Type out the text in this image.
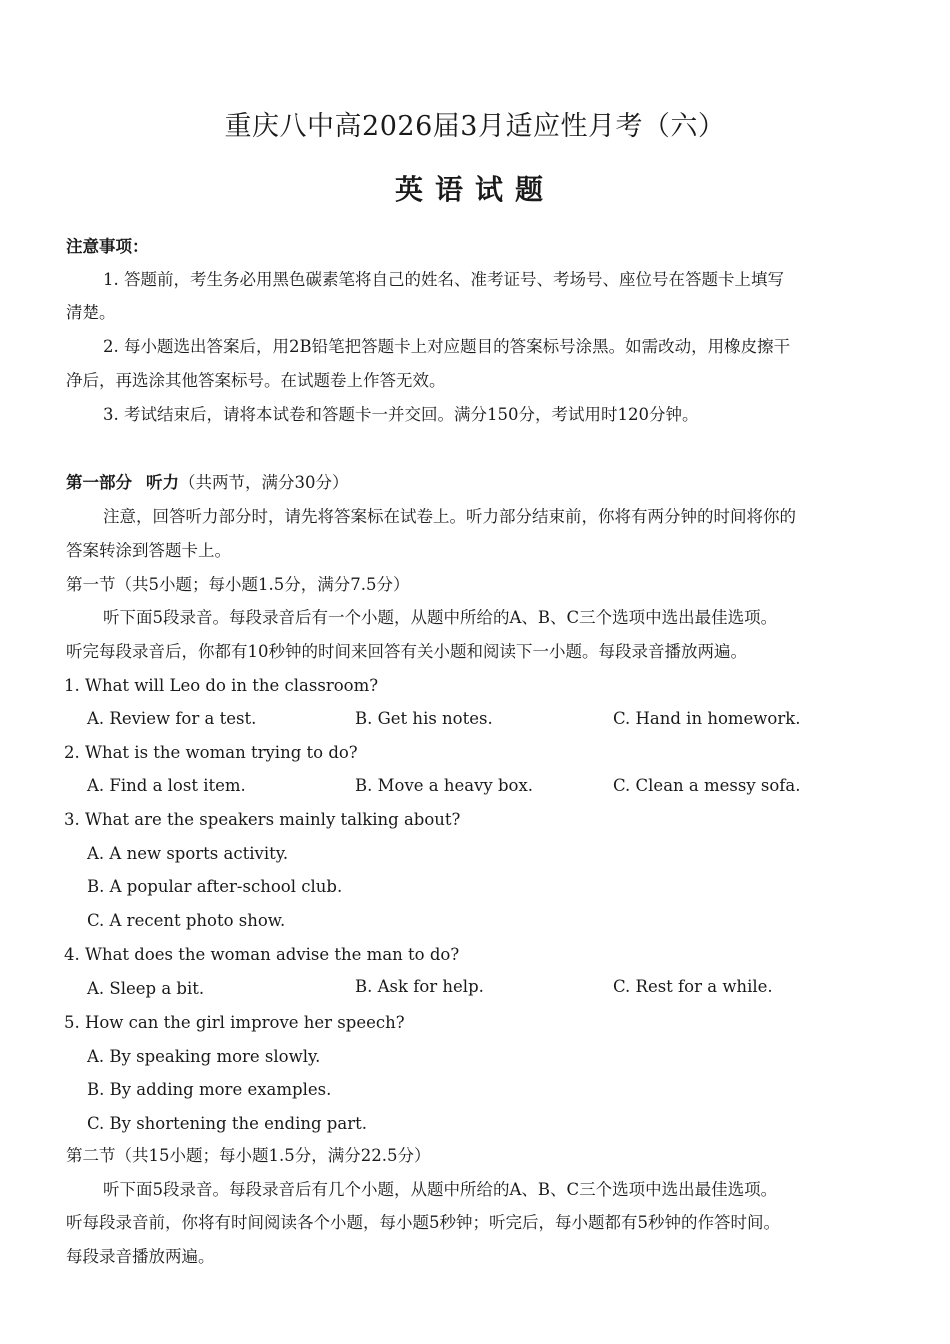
重庆八中高2026届3月适应性月考（六）
英语试题
注意事项：
1. 答题前，考生务必用黑色碳素笔将自己的姓名、准考证号、考场号、座位号在答题卡上填写
清楚。
2. 每小题选出答案后，用2B铅笔把答题卡上对应题目的答案标号涂黑。如需改动，用橡皮擦干
净后，再选涂其他答案标号。在试题卷上作答无效。
3. 考试结束后，请将本试卷和答题卡一并交回。满分150分，考试用时120分钟。
第一部分 听力（共两节，满分30分）
注意，回答听力部分时，请先将答案标在试卷上。听力部分结束前，你将有两分钟的时间将你的
答案转涂到答题卡上。
第一节（共5小题；每小题1.5分，满分7.5分）
听下面5段录音。每段录音后有一个小题，从题中所给的A、B、C三个选项中选出最佳选项。
听完每段录音后，你都有10秒钟的时间来回答有关小题和阅读下一小题。每段录音播放两遍。
1. What will Leo do in the classroom?
A. Review for a test.	B. Get his notes.	C. Hand in homework.
2. What is the woman trying to do?
A. Find a lost item.	B. Move a heavy box.	C. Clean a messy sofa.
3. What are the speakers mainly talking about?
A. A new sports activity.
B. A popular after-school club.
C. A recent photo show.
4. What does the woman advise the man to do?
A. Sleep a bit.	B. Ask for help.	C. Rest for a while.
5. How can the girl improve her speech?
A. By speaking more slowly.
B. By adding more examples.
C. By shortening the ending part.
第二节（共15小题；每小题1.5分，满分22.5分）
听下面5段录音。每段录音后有几个小题，从题中所给的A、B、C三个选项中选出最佳选项。
听每段录音前，你将有时间阅读各个小题，每小题5秒钟；听完后，每小题都有5秒钟的作答时间。
每段录音播放两遍。
